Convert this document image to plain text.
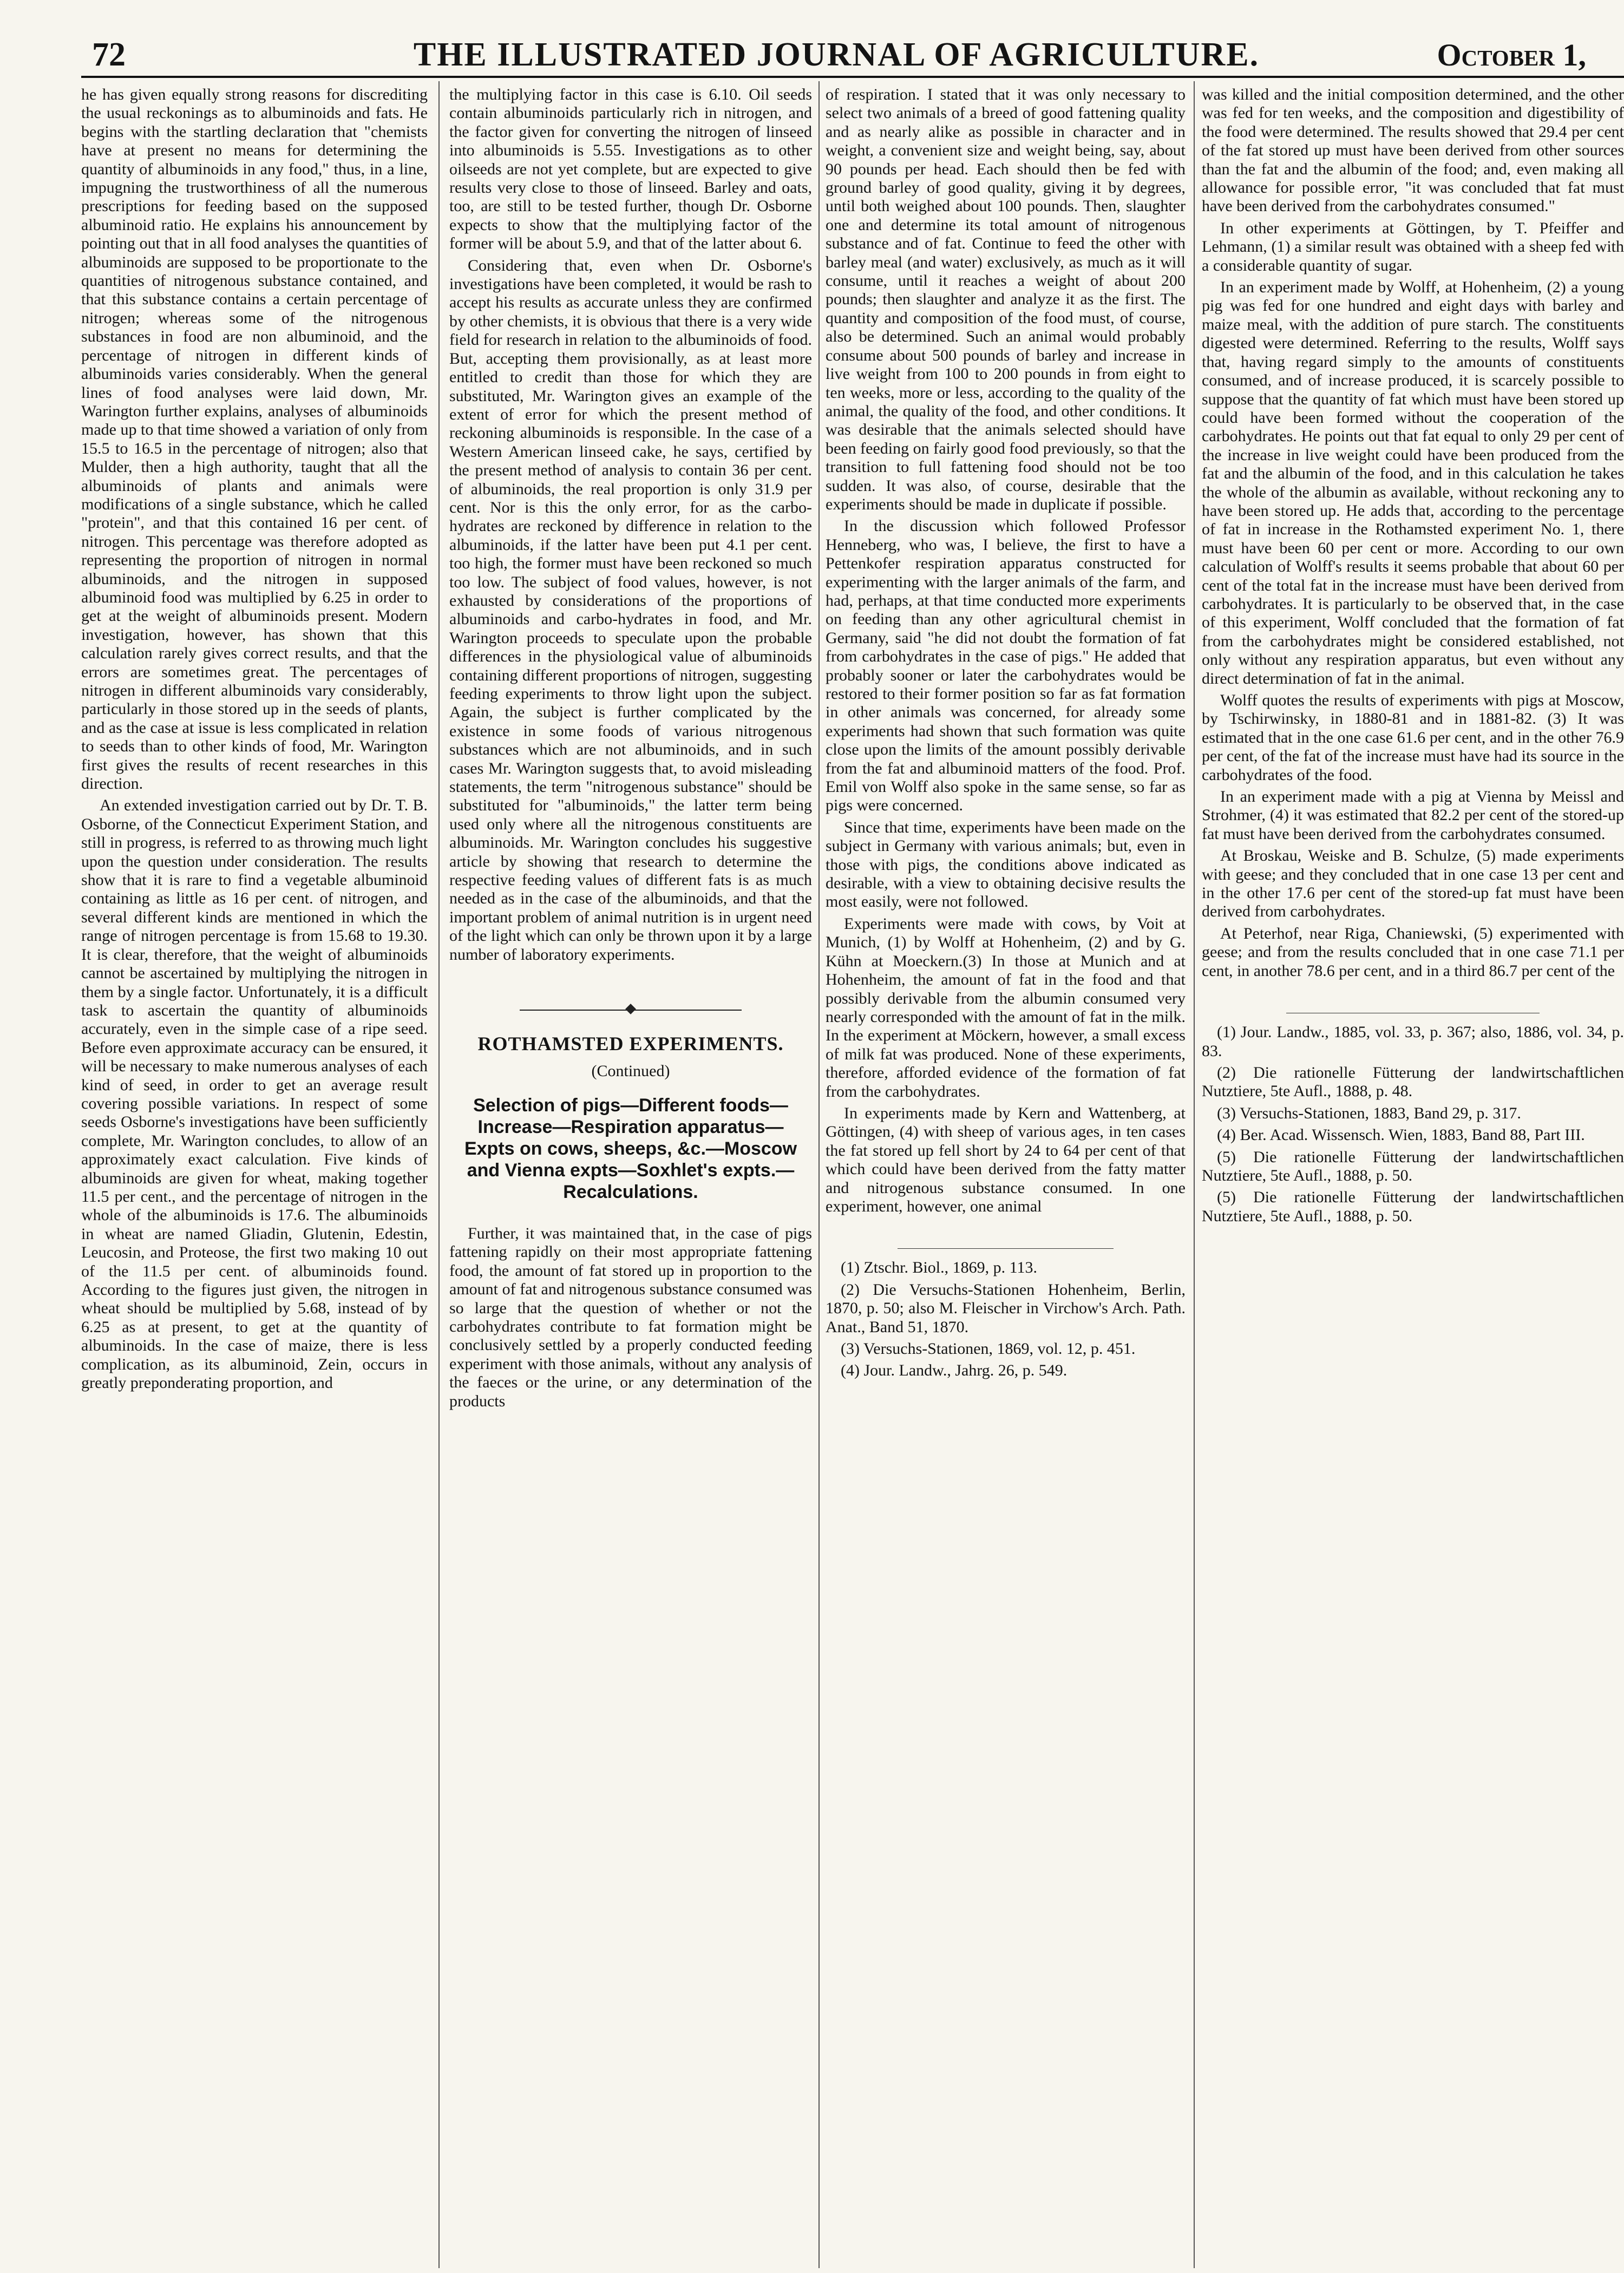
72	THE ILLUSTRATED JOURNAL OF AGRICULTURE.	October 1,

he has given equally strong reasons for discrediting the usual reckonings as to albuminoids and fats. He begins with the startling declaration that "chemists have at present no means for determining the quantity of albuminoids in any food," thus, in a line, impugning the trustworthiness of all the numerous prescriptions for feeding based on the supposed albuminoid ratio. He explains his announcement by pointing out that in all food analyses the quantities of albuminoids are supposed to be proportionate to the quantities of nitrogenous substance contained, and that this substance contains a certain percentage of nitrogen; whereas some of the nitrogenous substances in food are non albuminoid, and the percentage of nitrogen in different kinds of albuminoids varies considerably. When the general lines of food analyses were laid down, Mr. Warington further explains, analyses of albuminoids made up to that time showed a variation of only from 15.5 to 16.5 in the percentage of nitrogen; also that Mulder, then a high authority, taught that all the albuminoids of plants and animals were modifications of a single substance, which he called "protein", and that this contained 16 per cent. of nitrogen. This percentage was therefore adopted as representing the proportion of nitrogen in normal albuminoids, and the nitrogen in supposed albuminoid food was multiplied by 6.25 in order to get at the weight of albuminoids present. Modern investigation, however, has shown that this calculation rarely gives correct results, and that the errors are sometimes great. The percentages of nitrogen in different albuminoids vary considerably, particularly in those stored up in the seeds of plants, and as the case at issue is less complicated in relation to seeds than to other kinds of food, Mr. Warington first gives the results of recent researches in this direction.

An extended investigation carried out by Dr. T. B. Osborne, of the Connecticut Experiment Station, and still in progress, is referred to as throwing much light upon the question under consideration. The results show that it is rare to find a vegetable albuminoid containing as little as 16 per cent. of nitrogen, and several different kinds are mentioned in which the range of nitrogen percentage is from 15.68 to 19.30. It is clear, therefore, that the weight of albuminoids cannot be ascertained by multiplying the nitrogen in them by a single factor. Unfortunately, it is a difficult task to ascertain the quantity of albuminoids accurately, even in the simple case of a ripe seed. Before even approximate accuracy can be ensured, it will be necessary to make numerous analyses of each kind of seed, in order to get an average result covering possible variations. In respect of some seeds Osborne's investigations have been sufficiently complete, Mr. Warington concludes, to allow of an approximately exact calculation. Five kinds of albuminoids are given for wheat, making together 11.5 per cent., and the percentage of nitrogen in the whole of the albuminoids is 17.6. The albuminoids in wheat are named Gliadin, Glutenin, Edestin, Leucosin, and Proteose, the first two making 10 out of the 11.5 per cent. of albuminoids found. According to the figures just given, the nitrogen in wheat should be multiplied by 5.68, instead of by 6.25 as at present, to get at the quantity of albuminoids. In the case of maize, there is less complication, as its albuminoid, Zein, occurs in greatly preponderating proportion, and

the multiplying factor in this case is 6.10. Oil seeds contain albuminoids particularly rich in nitrogen, and the factor given for converting the nitrogen of linseed into albuminoids is 5.55. Investigations as to other oilseeds are not yet complete, but are expected to give results very close to those of linseed. Barley and oats, too, are still to be tested further, though Dr. Osborne expects to show that the multiplying factor of the former will be about 5.9, and that of the latter about 6.

Considering that, even when Dr. Osborne's investigations have been completed, it would be rash to accept his results as accurate unless they are confirmed by other chemists, it is obvious that there is a very wide field for research in relation to the albuminoids of food. But, accepting them provisionally, as at least more entitled to credit than those for which they are substituted, Mr. Warington gives an example of the extent of error for which the present method of reckoning albuminoids is responsible. In the case of a Western American linseed cake, he says, certified by the present method of analysis to contain 36 per cent. of albuminoids, the real proportion is only 31.9 per cent. Nor is this the only error, for as the carbo-hydrates are reckoned by difference in relation to the albuminoids, if the latter have been put 4.1 per cent. too high, the former must have been reckoned so much too low. The subject of food values, however, is not exhausted by considerations of the proportions of albuminoids and carbo-hydrates in food, and Mr. Warington proceeds to speculate upon the probable differences in the physiological value of albuminoids containing different proportions of nitrogen, suggesting feeding experiments to throw light upon the subject. Again, the subject is further complicated by the existence in some foods of various nitrogenous substances which are not albuminoids, and in such cases Mr. Warington suggests that, to avoid misleading statements, the term "nitrogenous substance" should be substituted for "albuminoids," the latter term being used only where all the nitrogenous constituents are albuminoids. Mr. Warington concludes his suggestive article by showing that research to determine the respective feeding values of different fats is as much needed as in the case of the albuminoids, and that the important problem of animal nutrition is in urgent need of the light which can only be thrown upon it by a large number of laboratory experiments.

ROTHAMSTED EXPERIMENTS.
(Continued)
Selection of pigs—Different foods—Increase—Respiration apparatus—Expts on cows, sheeps, &c.—Moscow and Vienna expts—Soxhlet's expts.—Recalculations.

Further, it was maintained that, in the case of pigs fattening rapidly on their most appropriate fattening food, the amount of fat stored up in proportion to the amount of fat and nitrogenous substance consumed was so large that the question of whether or not the carbohydrates contribute to fat formation might be conclusively settled by a properly conducted feeding experiment with those animals, without any analysis of the faeces or the urine, or any determination of the products

of respiration. I stated that it was only necessary to select two animals of a breed of good fattening quality and as nearly alike as possible in character and in weight, a convenient size and weight being, say, about 90 pounds per head. Each should then be fed with ground barley of good quality, giving it by degrees, until both weighed about 100 pounds. Then, slaughter one and determine its total amount of nitrogenous substance and of fat. Continue to feed the other with barley meal (and water) exclusively, as much as it will consume, until it reaches a weight of about 200 pounds; then slaughter and analyze it as the first. The quantity and composition of the food must, of course, also be determined. Such an animal would probably consume about 500 pounds of barley and increase in live weight from 100 to 200 pounds in from eight to ten weeks, more or less, according to the quality of the animal, the quality of the food, and other conditions. It was desirable that the animals selected should have been feeding on fairly good food previously, so that the transition to full fattening food should not be too sudden. It was also, of course, desirable that the experiments should be made in duplicate if possible.

In the discussion which followed Professor Henneberg, who was, I believe, the first to have a Pettenkofer respiration apparatus constructed for experimenting with the larger animals of the farm, and had, perhaps, at that time conducted more experiments on feeding than any other agricultural chemist in Germany, said "he did not doubt the formation of fat from carbohydrates in the case of pigs." He added that probably sooner or later the carbohydrates would be restored to their former position so far as fat formation in other animals was concerned, for already some experiments had shown that such formation was quite close upon the limits of the amount possibly derivable from the fat and albuminoid matters of the food. Prof. Emil von Wolff also spoke in the same sense, so far as pigs were concerned.

Since that time, experiments have been made on the subject in Germany with various animals; but, even in those with pigs, the conditions above indicated as desirable, with a view to obtaining decisive results the most easily, were not followed.

Experiments were made with cows, by Voit at Munich, (1) by Wolff at Hohenheim, (2) and by G. Kühn at Moeckern.(3) In those at Munich and at Hohenheim, the amount of fat in the food and that possibly derivable from the albumin consumed very nearly corresponded with the amount of fat in the milk. In the experiment at Möckern, however, a small excess of milk fat was produced. None of these experiments, therefore, afforded evidence of the formation of fat from the carbohydrates.

In experiments made by Kern and Wattenberg, at Göttingen, (4) with sheep of various ages, in ten cases the fat stored up fell short by 24 to 64 per cent of that which could have been derived from the fatty matter and nitrogenous substance consumed. In one experiment, however, one animal

(1) Ztschr. Biol., 1869, p. 113.

(2) Die Versuchs-Stationen Hohenheim, Berlin, 1870, p. 50; also M. Fleischer in Virchow's Arch. Path. Anat., Band 51, 1870.

(3) Versuchs-Stationen, 1869, vol. 12, p. 451.

(4) Jour. Landw., Jahrg. 26, p. 549.

was killed and the initial composition determined, and the other was fed for ten weeks, and the composition and digestibility of the food were determined. The results showed that 29.4 per cent of the fat stored up must have been derived from other sources than the fat and the albumin of the food; and, even making all allowance for possible error, "it was concluded that fat must have been derived from the carbohydrates consumed."

In other experiments at Göttingen, by T. Pfeiffer and Lehmann, (1) a similar result was obtained with a sheep fed with a considerable quantity of sugar.

In an experiment made by Wolff, at Hohenheim, (2) a young pig was fed for one hundred and eight days with barley and maize meal, with the addition of pure starch. The constituents digested were determined. Referring to the results, Wolff says that, having regard simply to the amounts of constituents consumed, and of increase produced, it is scarcely possible to suppose that the quantity of fat which must have been stored up could have been formed without the cooperation of the carbohydrates. He points out that fat equal to only 29 per cent of the increase in live weight could have been produced from the fat and the albumin of the food, and in this calculation he takes the whole of the albumin as available, without reckoning any to have been stored up. He adds that, according to the percentage of fat in increase in the Rothamsted experiment No. 1, there must have been 60 per cent or more. According to our own calculation of Wolff's results it seems probable that about 60 per cent of the total fat in the increase must have been derived from carbohydrates. It is particularly to be observed that, in the case of this experiment, Wolff concluded that the formation of fat from the carbohydrates might be considered established, not only without any respiration apparatus, but even without any direct determination of fat in the animal.

Wolff quotes the results of experiments with pigs at Moscow, by Tschirwinsky, in 1880-81 and in 1881-82. (3) It was estimated that in the one case 61.6 per cent, and in the other 76.9 per cent, of the fat of the increase must have had its source in the carbohydrates of the food.

In an experiment made with a pig at Vienna by Meissl and Strohmer, (4) it was estimated that 82.2 per cent of the stored-up fat must have been derived from the carbohydrates consumed.

At Broskau, Weiske and B. Schulze, (5) made experiments with geese; and they concluded that in one case 13 per cent and in the other 17.6 per cent of the stored-up fat must have been derived from carbohydrates.

At Peterhof, near Riga, Chaniewski, (5) experimented with geese; and from the results concluded that in one case 71.1 per cent, in another 78.6 per cent, and in a third 86.7 per cent of the

(1) Jour. Landw., 1885, vol. 33, p. 367; also, 1886, vol. 34, p. 83.

(2) Die rationelle Fütterung der landwirtschaftlichen Nutztiere, 5te Aufl., 1888, p. 48.

(3) Versuchs-Stationen, 1883, Band 29, p. 317.

(4) Ber. Acad. Wissensch. Wien, 1883, Band 88, Part III.

(5) Die rationelle Fütterung der landwirtschaftlichen Nutztiere, 5te Aufl., 1888, p. 50.

(5) Die rationelle Fütterung der landwirtschaftlichen Nutztiere, 5te Aufl., 1888, p. 50.
